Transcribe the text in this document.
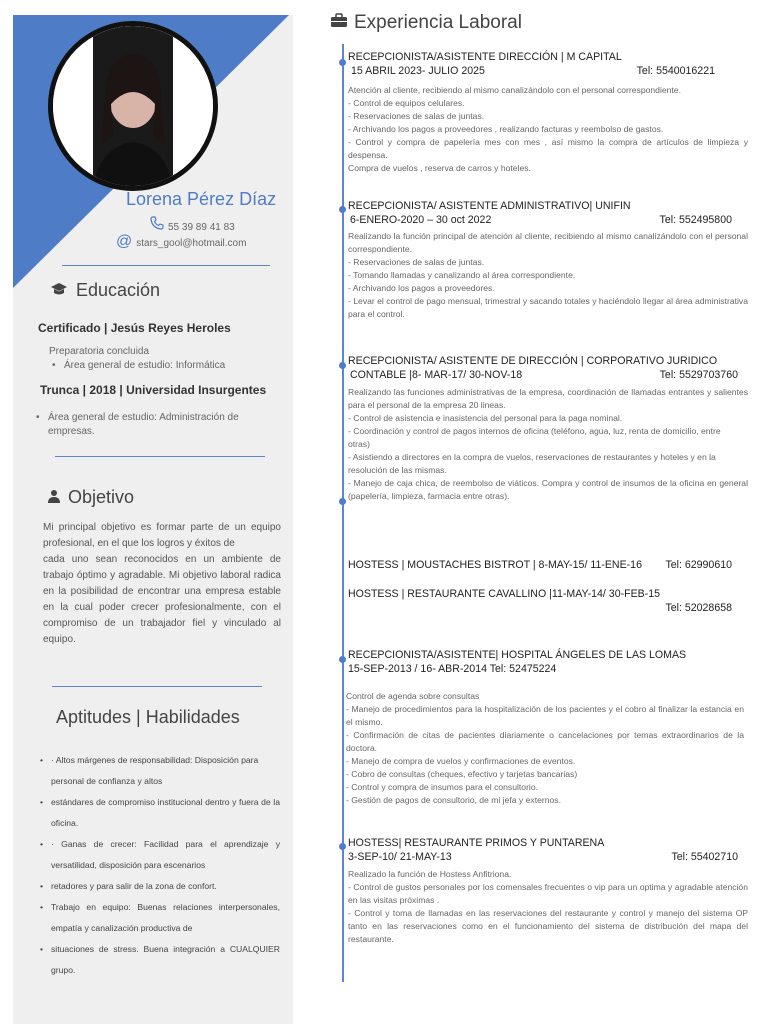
Lorena Pérez Díaz
55 39 89 41 83
@ stars_gool@hotmail.com
Educación
Certificado | Jesús Reyes Heroles
Preparatoria concluida
• Área general de estudio: Informática
Trunca | 2018 | Universidad Insurgentes
• Área general de estudio: Administración de
empresas.
Objetivo
Mi principal objetivo es formar parte de un equipo profesional, en el que los logros y éxitos de
cada uno sean reconocidos en un ambiente de trabajo óptimo y agradable. Mi objetivo laboral radica en la posibilidad de encontrar una empresa estable en la cual poder crecer profesionalmente, con el compromiso de un trabajador fiel y vinculado al equipo.
Aptitudes | Habilidades
• · Altos márgenes de responsabilidad: Disposición para
personal de confianza y altos
• estándares de compromiso institucional dentro y fuera de la oficina.
• · Ganas de crecer: Facilidad para el aprendizaje y versatilidad, disposición para escenarios
• retadores y para salir de la zona de confort.
• Trabajo en equipo: Buenas relaciones interpersonales, empatía y canalización productiva de
• situaciones de stress. Buena integración a CUALQUIER grupo.
Experiencia Laboral
RECEPCIONISTA/ASISTENTE DIRECCIÓN | M CAPITAL
15 ABRIL 2023- JULIO 2025	Tel: 5540016221
Atención al cliente, recibiendo al mismo canalizándolo con el personal correspondiente.
- Control de equipos celulares.
- Reservaciones de salas de juntas.
- Archivando los pagos a proveedores , realizando facturas y reembolso de gastos.
- Control y compra de papelería mes con mes , así mismo la compra de artículos de limpieza y despensa.
Compra de vuelos , reserva de carros y hoteles.
RECEPCIONISTA/ ASISTENTE ADMINISTRATIVO| UNIFIN
6-ENERO-2020 – 30 oct 2022	Tel: 552495800
Realizando la función principal de atención al cliente, recibiendo al mismo canalizándolo con el personal correspondiente.
- Reservaciones de salas de juntas.
- Tomando llamadas y canalizando al área correspondiente.
- Archivando los pagos a proveedores.
- Levar el control de pago mensual, trimestral y sacando totales y haciéndolo llegar al área administrativa para el control.
RECEPCIONISTA/ ASISTENTE DE DIRECCIÓN | CORPORATIVO JURIDICO
CONTABLE |8- MAR-17/ 30-NOV-18	Tel: 5529703760
Realizando las funciones administrativas de la empresa, coordinación de llamadas entrantes y salientes para el personal de la empresa 20 lineas.
- Control de asistencia e inasistencia del personal para la paga nominal.
- Coordinación y control de pagos internos de oficina (teléfono, agua, luz, renta de domicilio, entre
otras)
- Asistiendo a directores en la compra de vuelos, reservaciones de restaurantes y hoteles y en la
resolución de las mismas.
- Manejo de caja chica, de reembolso de viáticos. Compra y control de insumos de la oficina en general (papelería, limpieza, farmacia entre otras).
HOSTESS | MOUSTACHES BISTROT | 8-MAY-15/ 11-ENE-16 Tel: 62990610
HOSTESS | RESTAURANTE CAVALLINO |11-MAY-14/ 30-FEB-15
Tel: 52028658
RECEPCIONISTA/ASISTENTE| HOSPITAL ÁNGELES DE LAS LOMAS
15-SEP-2013 / 16- ABR-2014 Tel: 52475224
Control de agenda sobre consultas
- Manejo de procedimientos para la hospitalización de los pacientes y el cobro al finalizar la estancia en el mismo.
- Confirmación de citas de pacientes diariamente o cancelaciones por temas extraordinarios de la doctora.
- Manejo de compra de vuelos y confirmaciones de eventos.
- Cobro de consultas (cheques, efectivo y tarjetas bancarias)
- Control y compra de insumos para el consultorio.
- Gestión de pagos de consultorio, de mi jefa y externos.
HOSTESS| RESTAURANTE PRIMOS Y PUNTARENA
3-SEP-10/ 21-MAY-13	Tel: 55402710
Realizado la función de Hostess Anfitriona.
- Control de gustos personales por los comensales frecuentes o vip para un optima y agradable atención en las visitas próximas .
- Control y toma de llamadas en las reservaciones del restaurante y control y manejo del sistema OP tanto en las reservaciones como en el funcionamiento del sistema de distribución del mapa del restaurante.
